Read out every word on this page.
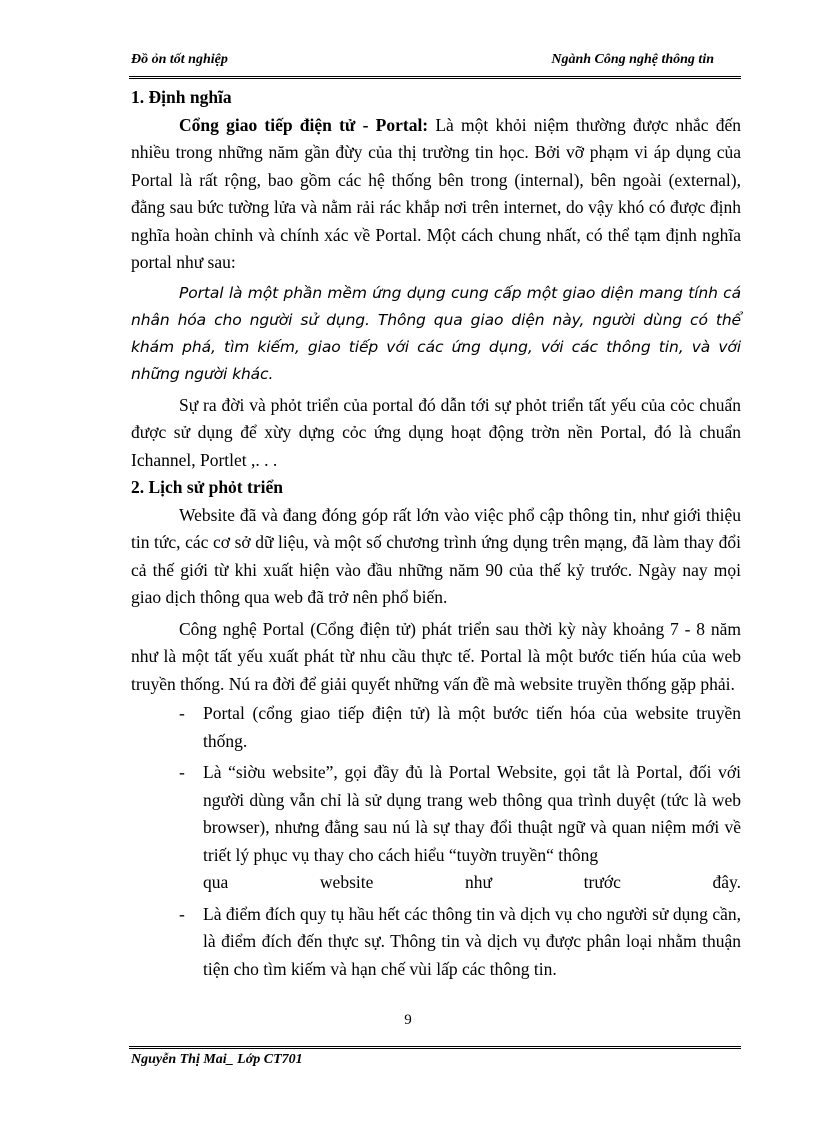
Đồ ỏn tốt nghiệp	Ngành Công nghệ thông tin

1. Định nghĩa

Cổng giao tiếp điện tử - Portal: Là một khỏi niệm thường được nhắc đến nhiều trong những năm gần đừy của thị trường tin học. Bởi vỡ phạm vi áp dụng của Portal là rất rộng, bao gồm các hệ thống bên trong (internal), bên ngoài (external), đằng sau bức tường lửa và nằm rải rác khắp nơi trên internet, do vậy khó có được định nghĩa hoàn chỉnh và chính xác về Portal. Một cách chung nhất, có thể tạm định nghĩa portal như sau:

Portal là một phần mềm ứng dụng cung cấp một giao diện mang tính cá nhân hóa cho người sử dụng. Thông qua giao diện này, người dùng có thể khám phá, tìm kiếm, giao tiếp với các ứng dụng, với các thông tin, và với những người khác.

Sự ra đời và phỏt triển của portal đó dẫn tới sự phỏt triển tất yếu của cỏc chuẩn được sử dụng để xừy dựng cỏc ứng dụng hoạt động trờn nền Portal, đó là chuẩn Ichannel, Portlet ,. . .

2. Lịch sử phỏt triển

Website đã và đang đóng góp rất lớn vào việc phổ cập thông tin, như giới thiệu tin tức, các cơ sở dữ liệu, và một số chương trình ứng dụng trên mạng, đã làm thay đổi cả thế giới từ khi xuất hiện vào đầu những năm 90 của thế kỷ trước. Ngày nay mọi giao dịch thông qua web đã trở nên phổ biến.

Công nghệ Portal (Cổng điện tử) phát triển sau thời kỳ này khoảng 7 - 8 năm như là một tất yếu xuất phát từ nhu cầu thực tế. Portal là một bước tiến húa của web truyền thống. Nú ra đời để giải quyết những vấn đề mà website truyền thống gặp phải.

- Portal (cổng giao tiếp điện tử) là một bước tiến hóa của website truyền thống.
- Là “siờu website”, gọi đầy đủ là Portal Website, gọi tắt là Portal, đối với người dùng vẫn chỉ là sử dụng trang web thông qua trình duyệt (tức là web browser), nhưng đằng sau nú là sự thay đổi thuật ngữ và quan niệm mới về triết lý phục vụ thay cho cách hiểu “tuyờn truyền“ thông
qua website như trước đây.
- Là điểm đích quy tụ hầu hết các thông tin và dịch vụ cho người sử dụng cần, là điểm đích đến thực sự. Thông tin và dịch vụ được phân loại nhằm thuận tiện cho tìm kiếm và hạn chế vùi lấp các thông tin.
9
Nguyễn Thị Mai_ Lớp CT701
